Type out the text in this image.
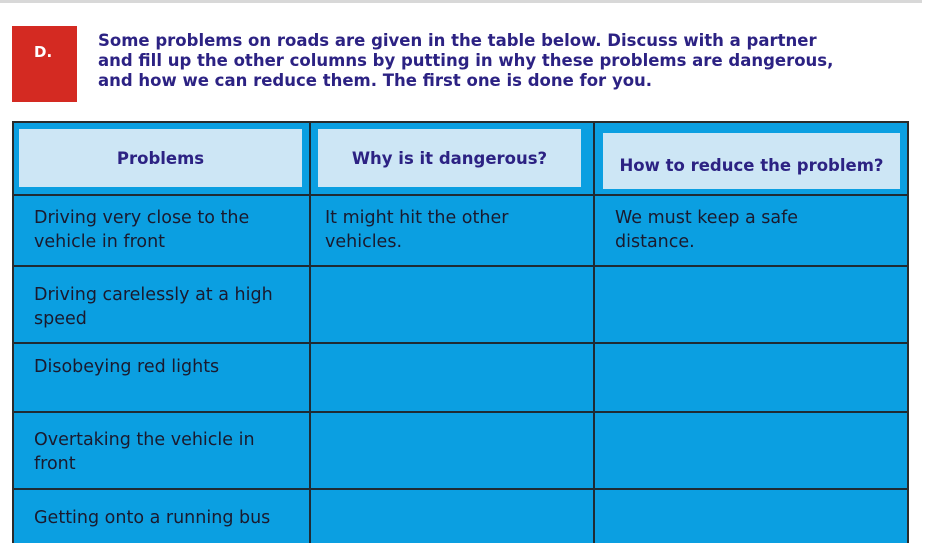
D.

Some problems on roads are given in the table below. Discuss with a partner
and fill up the other columns by putting in why these problems are dangerous,
and how we can reduce them. The first one is done for you.

Problems	Why is it dangerous?	How to reduce the problem?
Driving very close to the
vehicle in front
It might hit the other
vehicles.
We must keep a safe
distance.
Driving carelessly at a high
speed
Disobeying red lights
Overtaking the vehicle in
front
Getting onto a running bus
